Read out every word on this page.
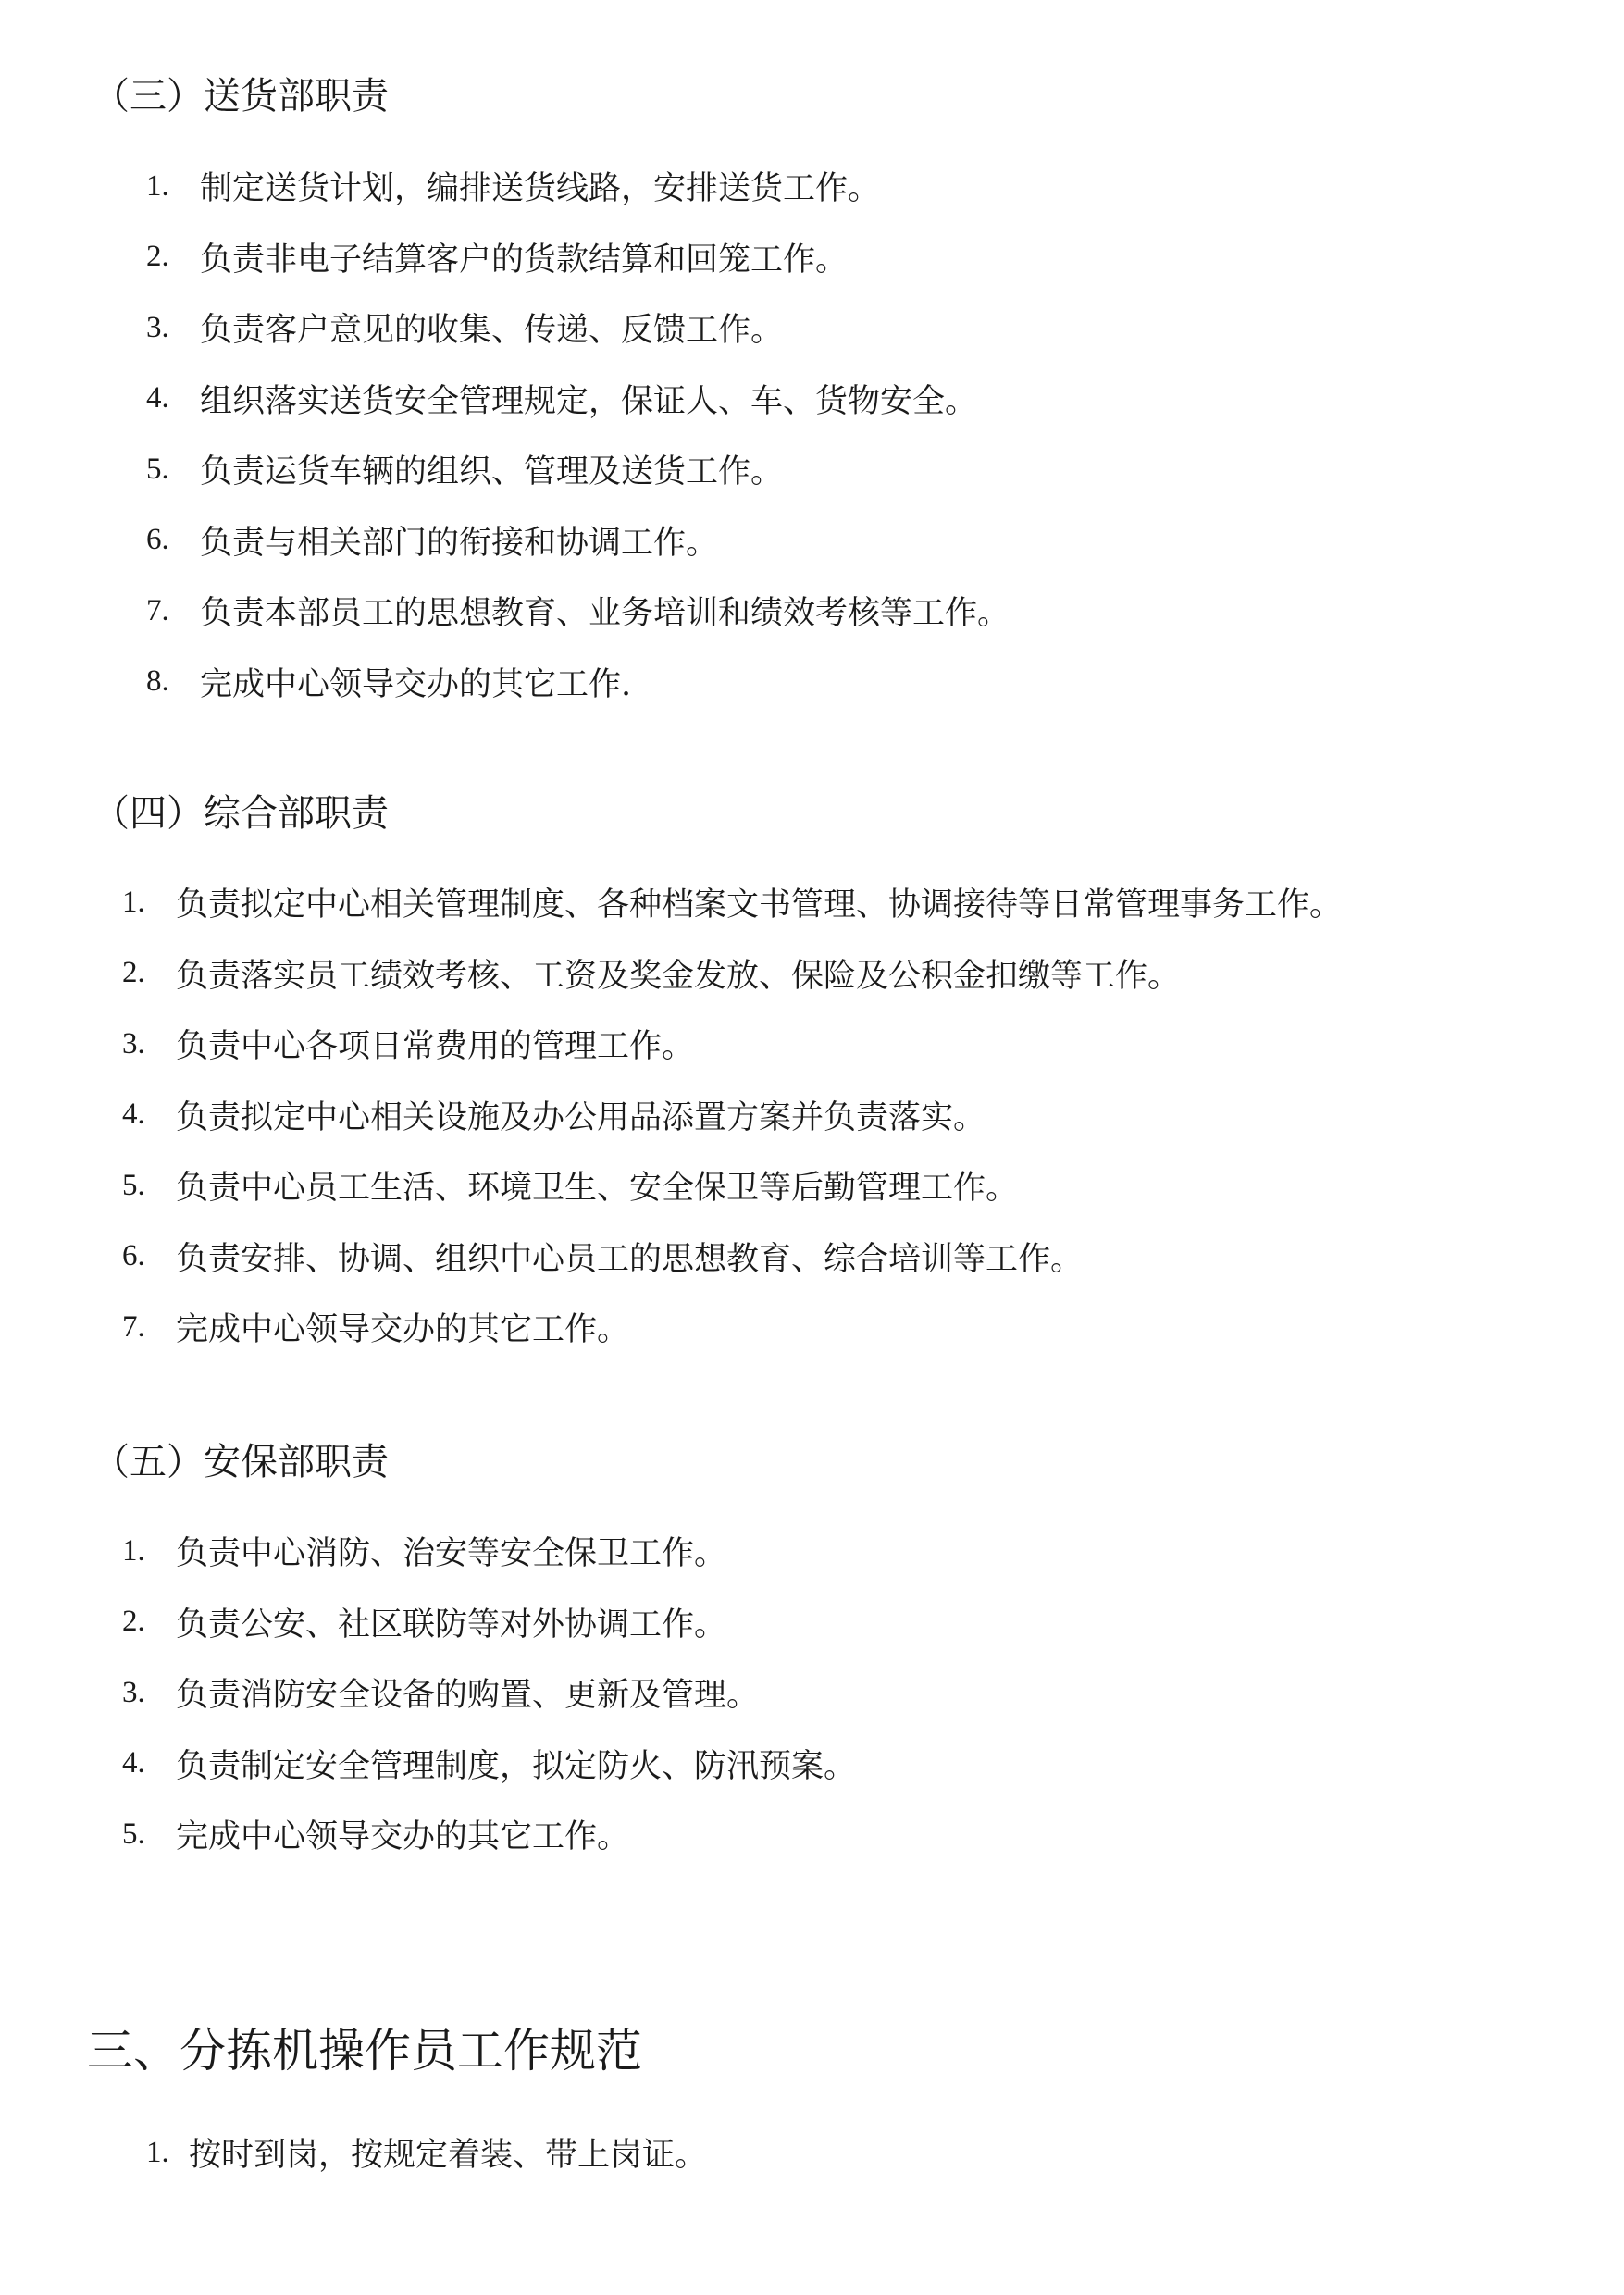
（三）送货部职责
1. 制定送货计划，编排送货线路，安排送货工作。
2. 负责非电子结算客户的货款结算和回笼工作。
3. 负责客户意见的收集、传递、反馈工作。
4. 组织落实送货安全管理规定，保证人、车、货物安全。
5. 负责运货车辆的组织、管理及送货工作。
6. 负责与相关部门的衔接和协调工作。
7. 负责本部员工的思想教育、业务培训和绩效考核等工作。
8. 完成中心领导交办的其它工作.
（四）综合部职责
1. 负责拟定中心相关管理制度、各种档案文书管理、协调接待等日常管理事务工作。
2. 负责落实员工绩效考核、工资及奖金发放、保险及公积金扣缴等工作。
3. 负责中心各项日常费用的管理工作。
4. 负责拟定中心相关设施及办公用品添置方案并负责落实。
5. 负责中心员工生活、环境卫生、安全保卫等后勤管理工作。
6. 负责安排、协调、组织中心员工的思想教育、综合培训等工作。
7. 完成中心领导交办的其它工作。
（五）安保部职责
1. 负责中心消防、治安等安全保卫工作。
2. 负责公安、社区联防等对外协调工作。
3. 负责消防安全设备的购置、更新及管理。
4. 负责制定安全管理制度，拟定防火、防汛预案。
5. 完成中心领导交办的其它工作。
三、分拣机操作员工作规范
1. 按时到岗，按规定着装、带上岗证。
